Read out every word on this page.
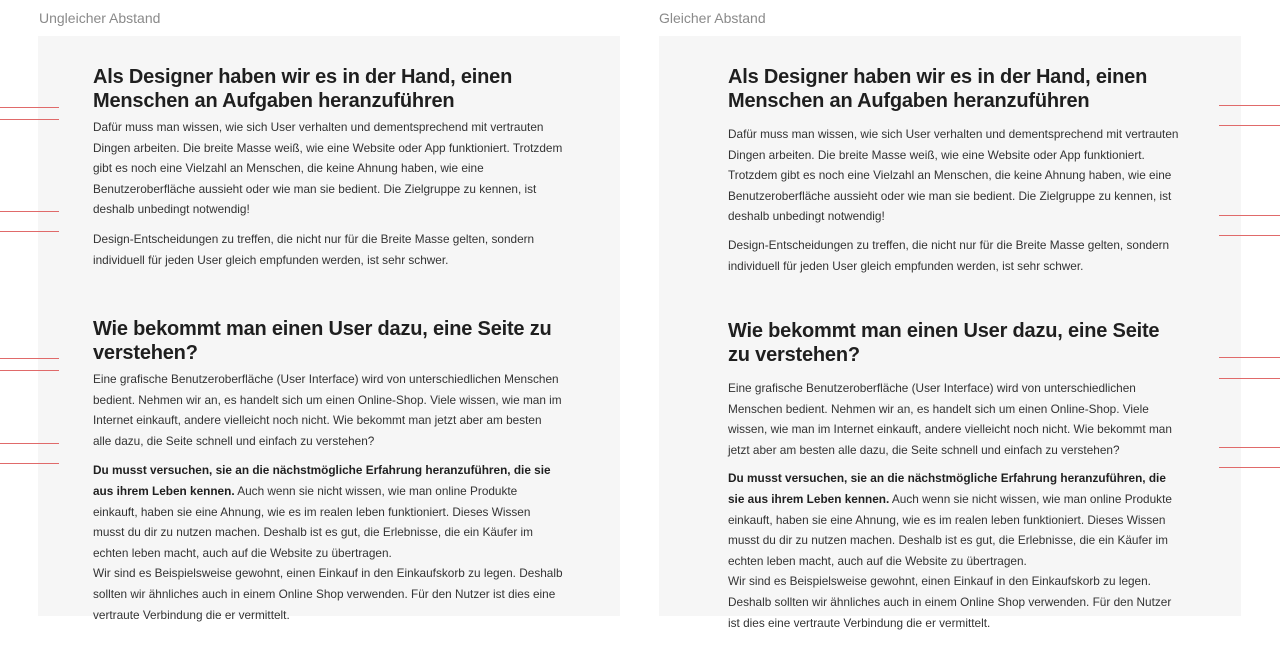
Ungleicher Abstand
Als Designer haben wir es in der Hand, einen Menschen an Aufgaben heranzuführen

Dafür muss man wissen, wie sich User verhalten und dementsprechend mit vertrauten Dingen arbeiten. Die breite Masse weiß, wie eine Website oder App funktioniert. Trotzdem gibt es noch eine Vielzahl an Menschen, die keine Ahnung haben, wie eine Benutzeroberfläche aussieht oder wie man sie bedient. Die Zielgruppe zu kennen, ist deshalb unbedingt notwendig!

Design-Entscheidungen zu treffen, die nicht nur für die Breite Masse gelten, sondern individuell für jeden User gleich empfunden werden, ist sehr schwer.

Wie bekommt man einen User dazu, eine Seite zu verstehen?

Eine grafische Benutzeroberfläche (User Interface) wird von unterschiedlichen Menschen bedient. Nehmen wir an, es handelt sich um einen Online-Shop. Viele wissen, wie man im Internet einkauft, andere vielleicht noch nicht. Wie bekommt man jetzt aber am besten alle dazu, die Seite schnell und einfach zu verstehen?

Du musst versuchen, sie an die nächstmögliche Erfahrung heranzuführen, die sie aus ihrem Leben kennen. Auch wenn sie nicht wissen, wie man online Produkte einkauft, haben sie eine Ahnung, wie es im realen leben funktioniert. Dieses Wissen musst du dir zu nutzen machen. Deshalb ist es gut, die Erlebnisse, die ein Käufer im echten leben macht, auch auf die Website zu übertragen.

Wir sind es Beispielsweise gewohnt, einen Einkauf in den Einkaufskorb zu legen. Deshalb sollten wir ähnliches auch in einem Online Shop verwenden. Für den Nutzer ist dies eine vertraute Verbindung die er vermittelt.

Gleicher Abstand
Als Designer haben wir es in der Hand, einen Menschen an Aufgaben heranzuführen

Dafür muss man wissen, wie sich User verhalten und dementsprechend mit vertrauten Dingen arbeiten. Die breite Masse weiß, wie eine Website oder App funktioniert. Trotzdem gibt es noch eine Vielzahl an Menschen, die keine Ahnung haben, wie eine Benutzeroberfläche aussieht oder wie man sie bedient. Die Zielgruppe zu kennen, ist deshalb unbedingt notwendig!

Design-Entscheidungen zu treffen, die nicht nur für die Breite Masse gelten, sondern individuell für jeden User gleich empfunden werden, ist sehr schwer.

Wie bekommt man einen User dazu, eine Seite zu verstehen?

Eine grafische Benutzeroberfläche (User Interface) wird von unterschiedlichen Menschen bedient. Nehmen wir an, es handelt sich um einen Online-Shop. Viele wissen, wie man im Internet einkauft, andere vielleicht noch nicht. Wie bekommt man jetzt aber am besten alle dazu, die Seite schnell und einfach zu verstehen?

Du musst versuchen, sie an die nächstmögliche Erfahrung heranzuführen, die sie aus ihrem Leben kennen. Auch wenn sie nicht wissen, wie man online Produkte einkauft, haben sie eine Ahnung, wie es im realen leben funktioniert. Dieses Wissen musst du dir zu nutzen machen. Deshalb ist es gut, die Erlebnisse, die ein Käufer im echten leben macht, auch auf die Website zu übertragen.

Wir sind es Beispielsweise gewohnt, einen Einkauf in den Einkaufskorb zu legen. Deshalb sollten wir ähnliches auch in einem Online Shop verwenden. Für den Nutzer ist dies eine vertraute Verbindung die er vermittelt.
